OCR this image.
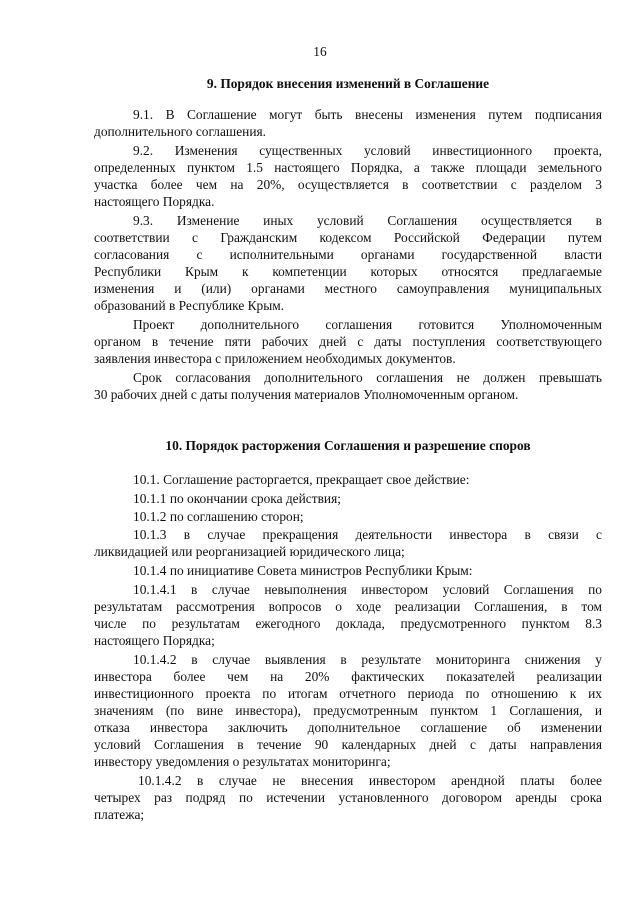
16
9. Порядок внесения изменений в Соглашение
9.1. В Соглашение могут быть внесены изменения путем подписания
дополнительного соглашения.
9.2. Изменения существенных условий инвестиционного проекта,
определенных пунктом 1.5 настоящего Порядка, а также площади земельного
участка более чем на 20%, осуществляется в соответствии с разделом 3
настоящего Порядка.
9.3. Изменение иных условий Соглашения осуществляется в
соответствии с Гражданским кодексом Российской Федерации путем
согласования с исполнительными органами государственной власти
Республики Крым к компетенции которых относятся предлагаемые
изменения и (или) органами местного самоуправления муниципальных
образований в Республике Крым.
Проект дополнительного соглашения готовится Уполномоченным
органом в течение пяти рабочих дней с даты поступления соответствующего
заявления инвестора с приложением необходимых документов.
Срок согласования дополнительного соглашения не должен превышать
30 рабочих дней с даты получения материалов Уполномоченным органом.
10. Порядок расторжения Соглашения и разрешение споров
10.1. Соглашение расторгается, прекращает свое действие:
10.1.1 по окончании срока действия;
10.1.2 по соглашению сторон;
10.1.3 в случае прекращения деятельности инвестора в связи с
ликвидацией или реорганизацией юридического лица;
10.1.4 по инициативе Совета министров Республики Крым:
10.1.4.1 в случае невыполнения инвестором условий Соглашения по
результатам рассмотрения вопросов о ходе реализации Соглашения, в том
числе по результатам ежегодного доклада, предусмотренного пунктом 8.3
настоящего Порядка;
10.1.4.2 в случае выявления в результате мониторинга снижения у
инвестора более чем на 20% фактических показателей реализации
инвестиционного проекта по итогам отчетного периода по отношению к их
значениям (по вине инвестора), предусмотренным пунктом 1 Соглашения, и
отказа инвестора заключить дополнительное соглашение об изменении
условий Соглашения в течение 90 календарных дней с даты направления
инвестору уведомления о результатах мониторинга;
10.1.4.2 в случае не внесения инвестором арендной платы более
четырех раз подряд по истечении установленного договором аренды срока
платежа;
